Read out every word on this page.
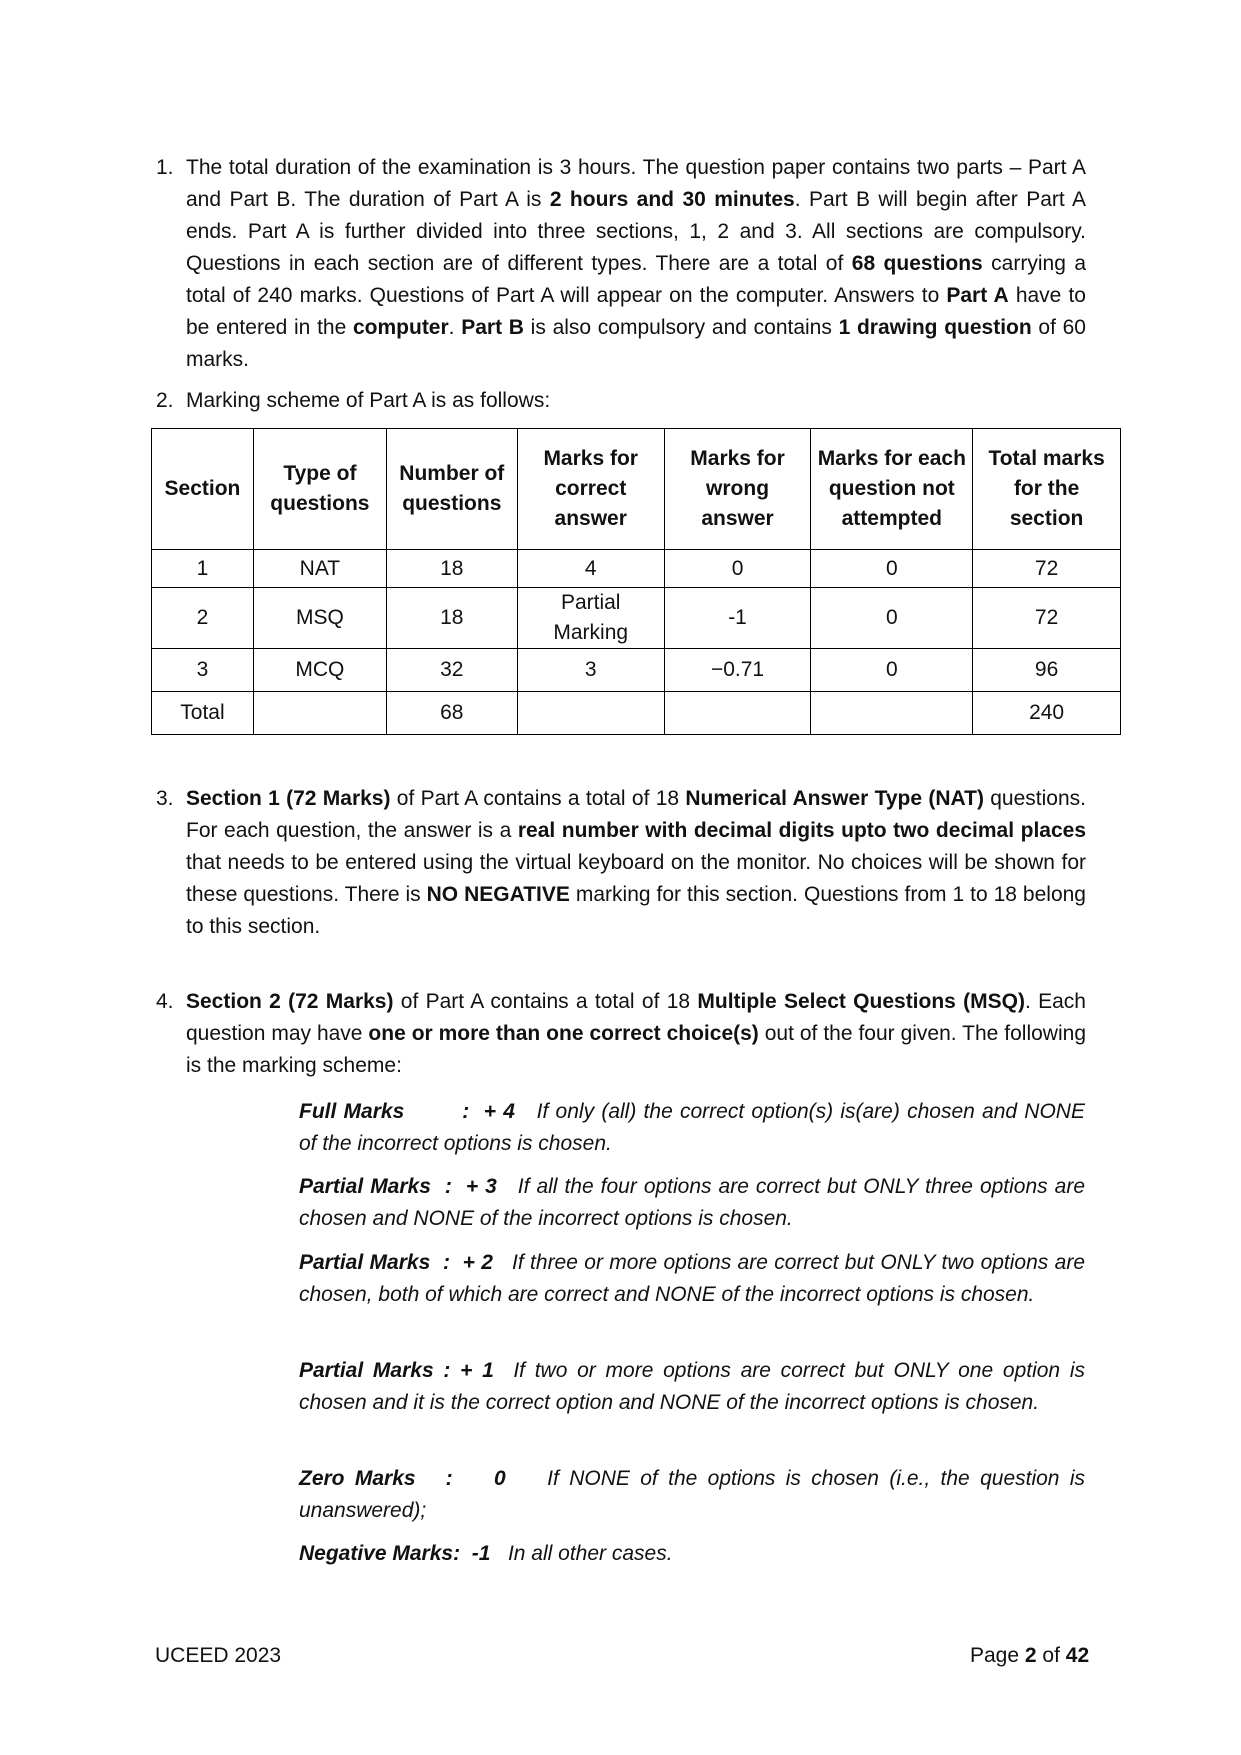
1. The total duration of the examination is 3 hours. The question paper contains two parts – Part A and Part B. The duration of Part A is 2 hours and 30 minutes. Part B will begin after Part A ends. Part A is further divided into three sections, 1, 2 and 3. All sections are compulsory. Questions in each section are of different types. There are a total of 68 questions carrying a total of 240 marks. Questions of Part A will appear on the computer. Answers to Part A have to be entered in the computer. Part B is also compulsory and contains 1 drawing question of 60 marks.
2. Marking scheme of Part A is as follows:
Section	Type of questions	Number of questions	Marks for correct answer	Marks for wrong answer	Marks for each question not attempted	Total marks for the section
1	NAT	18	4	0	0	72
2	MSQ	18	Partial Marking	-1	0	72
3	MCQ	32	3	−0.71	0	96
Total		68				240
3. Section 1 (72 Marks) of Part A contains a total of 18 Numerical Answer Type (NAT) questions. For each question, the answer is a real number with decimal digits upto two decimal places that needs to be entered using the virtual keyboard on the monitor. No choices will be shown for these questions. There is NO NEGATIVE marking for this section. Questions from 1 to 18 belong to this section.
4. Section 2 (72 Marks) of Part A contains a total of 18 Multiple Select Questions (MSQ). Each question may have one or more than one correct choice(s) out of the four given. The following is the marking scheme:
Full Marks	: + 4 If only (all) the correct option(s) is(are) chosen and NONE of the incorrect options is chosen.
Partial Marks : + 3 If all the four options are correct but ONLY three options are chosen and NONE of the incorrect options is chosen.
Partial Marks : + 2 If three or more options are correct but ONLY two options are chosen, both of which are correct and NONE of the incorrect options is chosen.
Partial Marks : + 1 If two or more options are correct but ONLY one option is chosen and it is the correct option and NONE of the incorrect options is chosen.
Zero Marks : 0 If NONE of the options is chosen (i.e., the question is unanswered);
Negative Marks: -1 In all other cases.
UCEED 2023	Page 2 of 42
